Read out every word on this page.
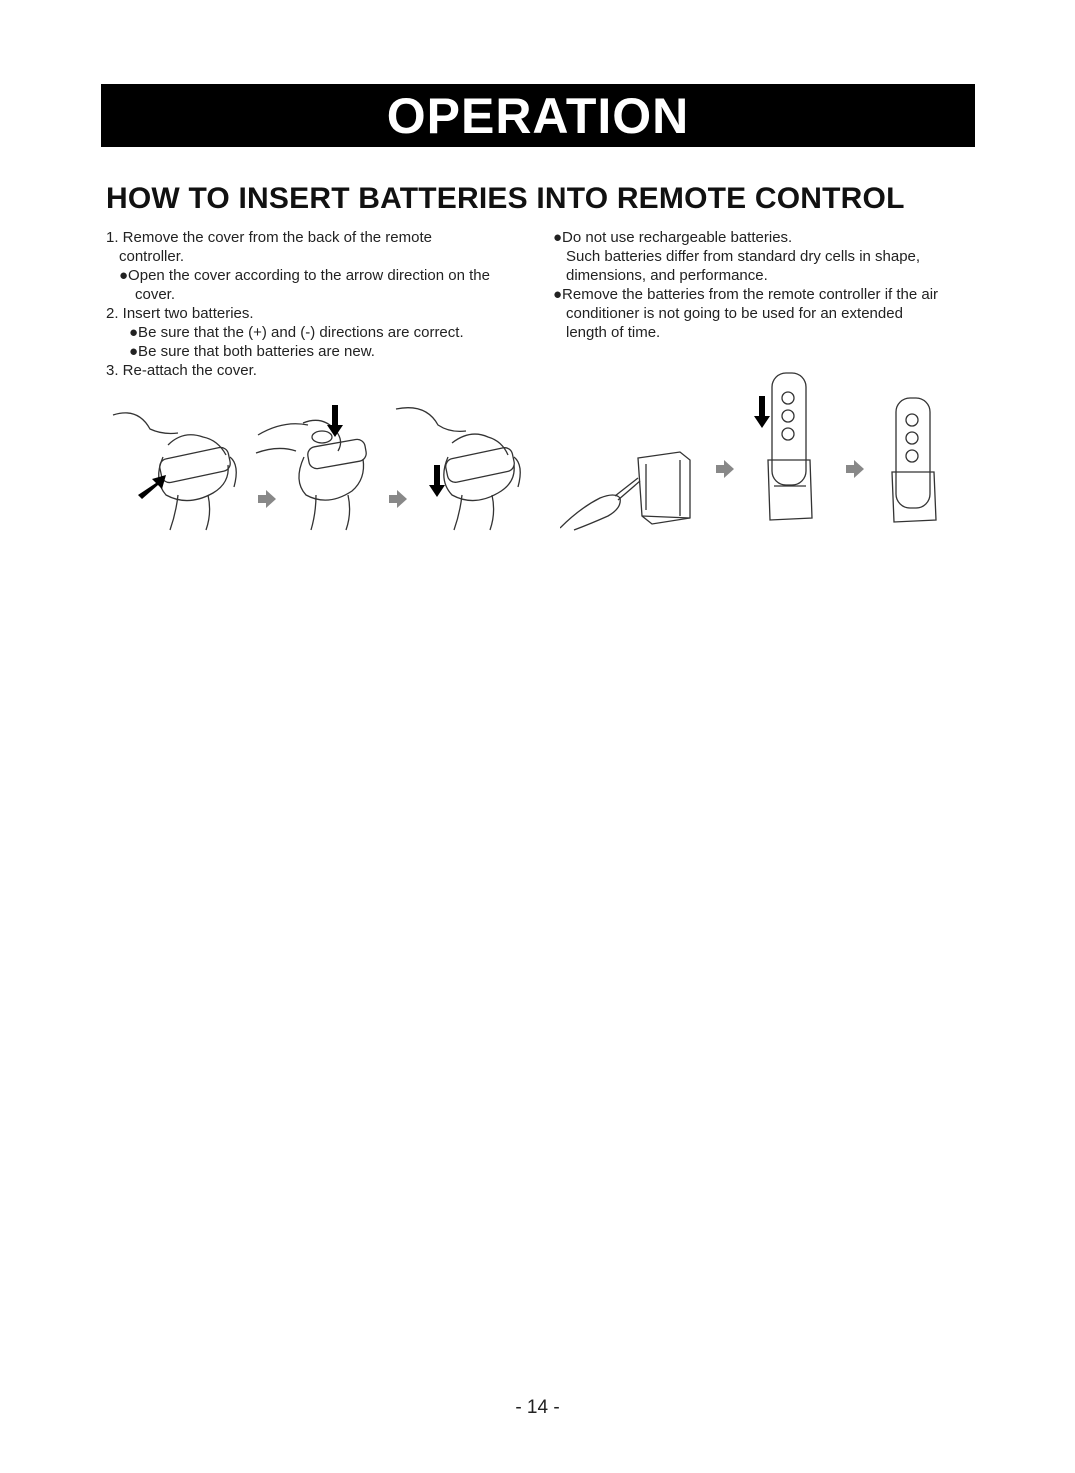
OPERATION
HOW TO INSERT BATTERIES INTO REMOTE CONTROL
1. Remove the cover from the back of the remote
controller.
●Open the cover according to the arrow direction on the
cover.
2. Insert two batteries.
●Be sure that the (+) and (-) directions are correct.
●Be sure that both batteries are new.
3. Re-attach the cover.
●Do not use rechargeable batteries.
Such batteries differ from standard dry cells in shape,
dimensions, and performance.
●Remove the batteries from the remote controller if the air
conditioner is not going to be used for an extended
length of time.
- 14 -
